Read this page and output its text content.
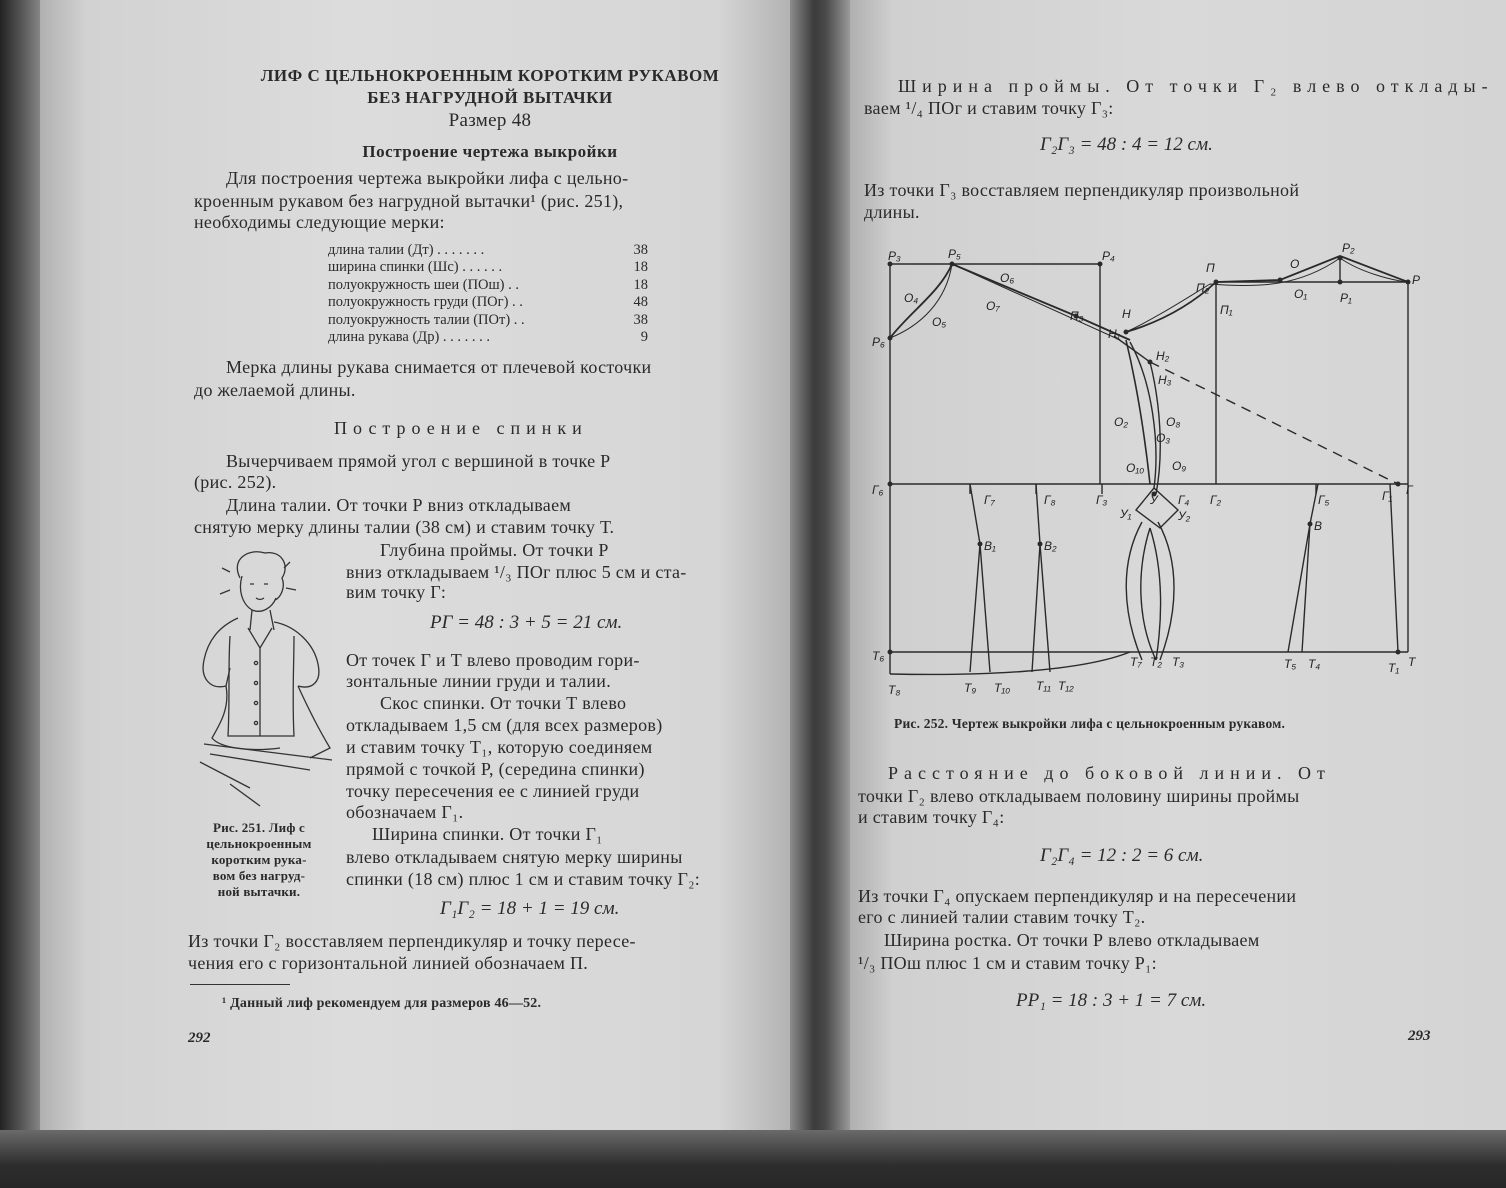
ЛИФ С ЦЕЛЬНОКРОЕННЫМ КОРОТКИМ РУКАВОМ
БЕЗ НАГРУДНОЙ ВЫТАЧКИ
Размер 48
Построение чертежа выкройки
Для построения чертежа выкройки лифа с цельно-
кроенным рукавом без нагрудной вытачки¹ (рис. 251),
необходимы следующие мерки:
длина талии (Дт) . . . . . . .	38
ширина спинки (Шс) . . . . . .	18
полуокружность шеи (ПОш) . .	18
полуокружность груди (ПОг) . .	48
полуокружность талии (ПОт) . .	38
длина рукава (Др) . . . . . . .	9
Мерка длины рукава снимается от плечевой косточки
до желаемой длины.
Построение спинки
Вычерчиваем прямой угол с вершиной в точке Р
(рис. 252).
Длина талии. От точки Р вниз откладываем
снятую мерку длины талии (38 см) и ставим точку Т.
Глубина проймы. От точки Р
вниз откладываем ¹/₃ ПОг плюс 5 см и ста-
вим точку Г:
РГ = 48 : 3 + 5 = 21 см.
От точек Г и Т влево проводим гори-
зонтальные линии груди и талии.
Скос спинки. От точки Т влево
откладываем 1,5 см (для всех размеров)
и ставим точку Т₁, которую соединяем
прямой с точкой Р, (середина спинки)
точку пересечения ее с линией груди
обозначаем Г₁.
Ширина спинки. От точки Г₁
влево откладываем снятую мерку ширины
спинки (18 см) плюс 1 см и ставим точку Г₂:
Г₁Г₂ = 18 + 1 = 19 см.
Из точки Г₂ восставляем перпендикуляр и точку пересе-
чения его с горизонтальной линией обозначаем П.
Рис. 251. Лиф с
цельнокроенным
коротким рука-
вом без нагруд-
ной вытачки.
¹ Данный лиф рекомендуем для размеров 46—52.
292
Ширина проймы. От точки Г₂ влево отклады-
ваем ¹/₄ ПОг и ставим точку Г₃:
Г₂Г₃ = 48 : 4 = 12 см.
Из точки Г₃ восставляем перпендикуляр произвольной
длины.
Р₃	Р₅	Р₄
Р₂
Р
Р₁
Р₆
О₄
О₅
О₆
О₇
О
О₁
О₂
О₃
О₈
О₉
О₁₀
П₃
П
П₂
П₁
Н
Н₁
Н₂
Н₃
Г₆
Г₇	Г₈	Г₃	Г₄ Г₂	Г₅	Г₁ Г
У
У₁	У₂
В₁	В₂
В
Т₆
Т₈	Т₉ Т₁₀ Т₁₁ Т₁₂
Т₇ Т₂ Т₃	Т₅ Т₄	Т₁ Т
Рис. 252. Чертеж выкройки лифа с цельнокроенным рукавом.
Расстояние до боковой линии. От
точки Г₂ влево откладываем половину ширины проймы
и ставим точку Г₄:
Г₂Г₄ = 12 : 2 = 6 см.
Из точки Г₄ опускаем перпендикуляр и на пересечении
его с линией талии ставим точку Т₂.
Ширина ростка. От точки Р влево откладываем
¹/₃ ПОш плюс 1 см и ставим точку Р₁:
РР₁ = 18 : 3 + 1 = 7 см.
293
